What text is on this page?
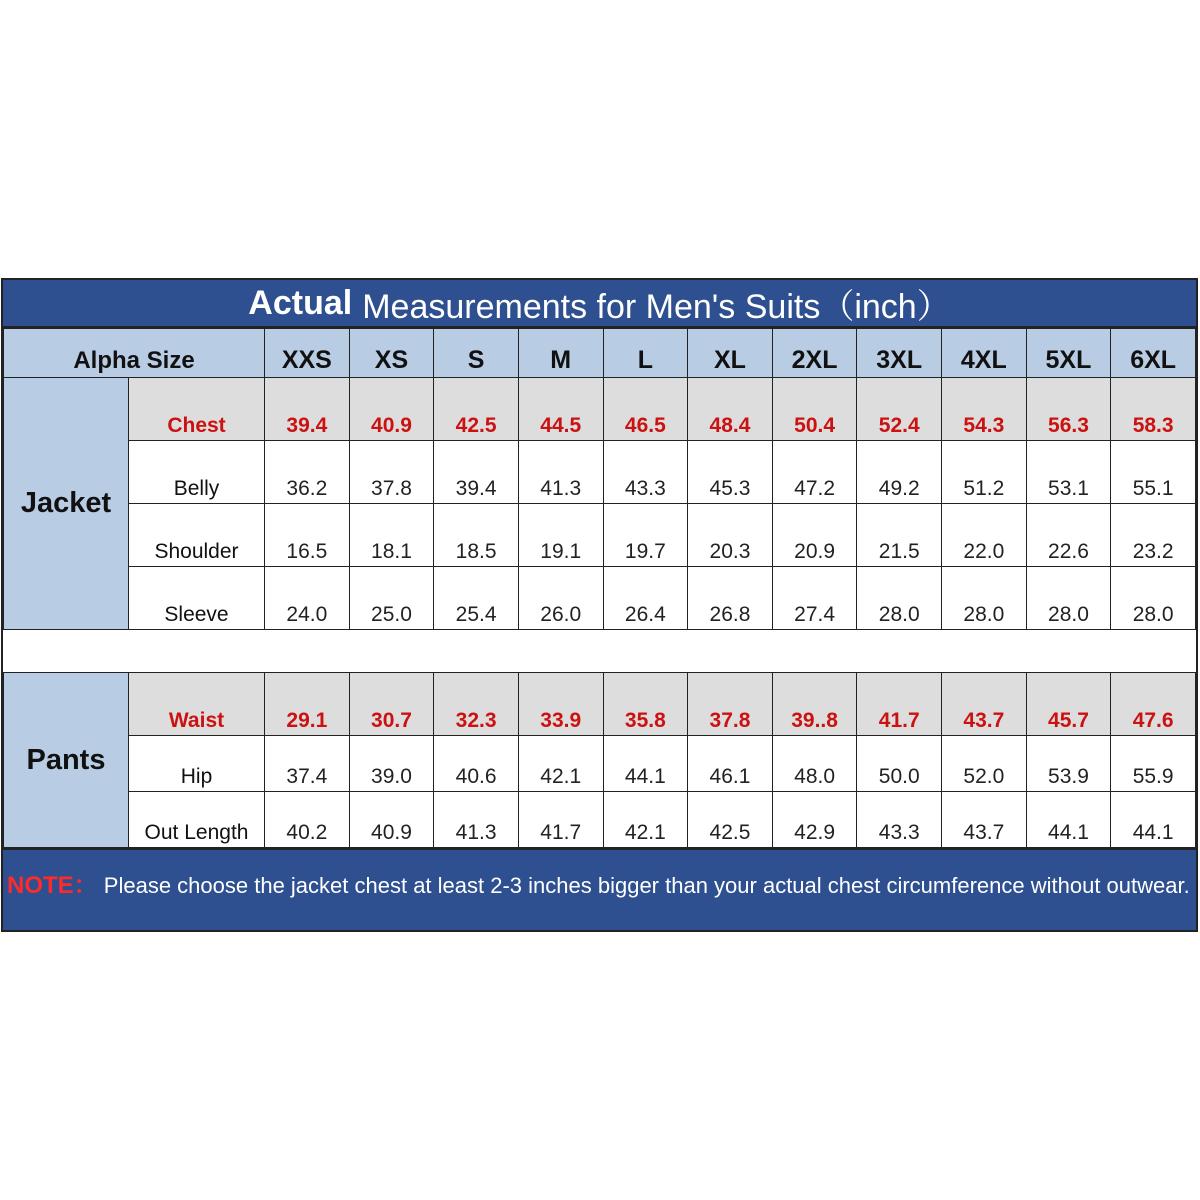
Actual Measurements for Men's Suits（inch）
Alpha Size		XXS	XS	S	M	L	XL	2XL	3XL	4XL	5XL	6XL
Jacket	Chest	39.4	40.9	42.5	44.5	46.5	48.4	50.4	52.4	54.3	56.3	58.3
	Belly	36.2	37.8	39.4	41.3	43.3	45.3	47.2	49.2	51.2	53.1	55.1
	Shoulder	16.5	18.1	18.5	19.1	19.7	20.3	20.9	21.5	22.0	22.6	23.2
	Sleeve	24.0	25.0	25.4	26.0	26.4	26.8	27.4	28.0	28.0	28.0	28.0

Pants	Waist	29.1	30.7	32.3	33.9	35.8	37.8	39..8	41.7	43.7	45.7	47.6
	Hip	37.4	39.0	40.6	42.1	44.1	46.1	48.0	50.0	52.0	53.9	55.9
	Out Length	40.2	40.9	41.3	41.7	42.1	42.5	42.9	43.3	43.7	44.1	44.1
NOTE： Please choose the jacket chest at least 2-3 inches bigger than your actual chest circumference without outwear.
